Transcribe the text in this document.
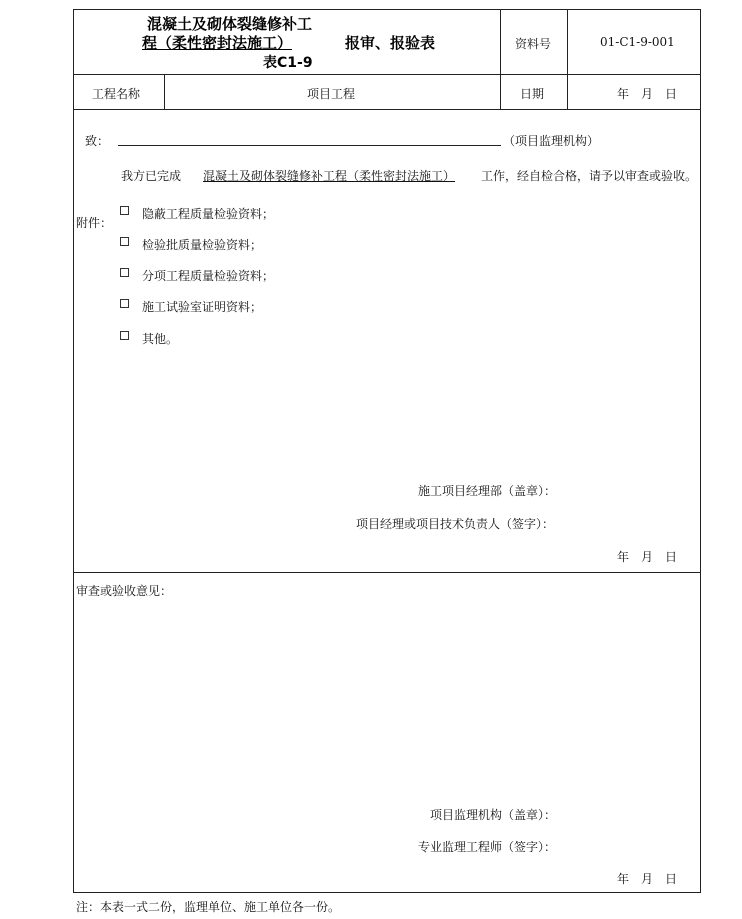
混凝土及砌体裂缝修补工
程（柔性密封法施工）	报审、报验表
表C1-9
资料号	01-C1-9-001
工程名称	项目工程	日期	年　月　日
致：	（项目监理机构）
我方已完成	混凝土及砌体裂缝修补工程（柔性密封法施工）	工作，经自检合格，请予以审查或验收。
附件：
隐蔽工程质量检验资料；
检验批质量检验资料；
分项工程质量检验资料；
施工试验室证明资料；
其他。
施工项目经理部（盖章）：
项目经理或项目技术负责人（签字）：
年　月　日
审查或验收意见：
项目监理机构（盖章）：
专业监理工程师（签字）：
年　月　日
注：本表一式二份，监理单位、施工单位各一份。
